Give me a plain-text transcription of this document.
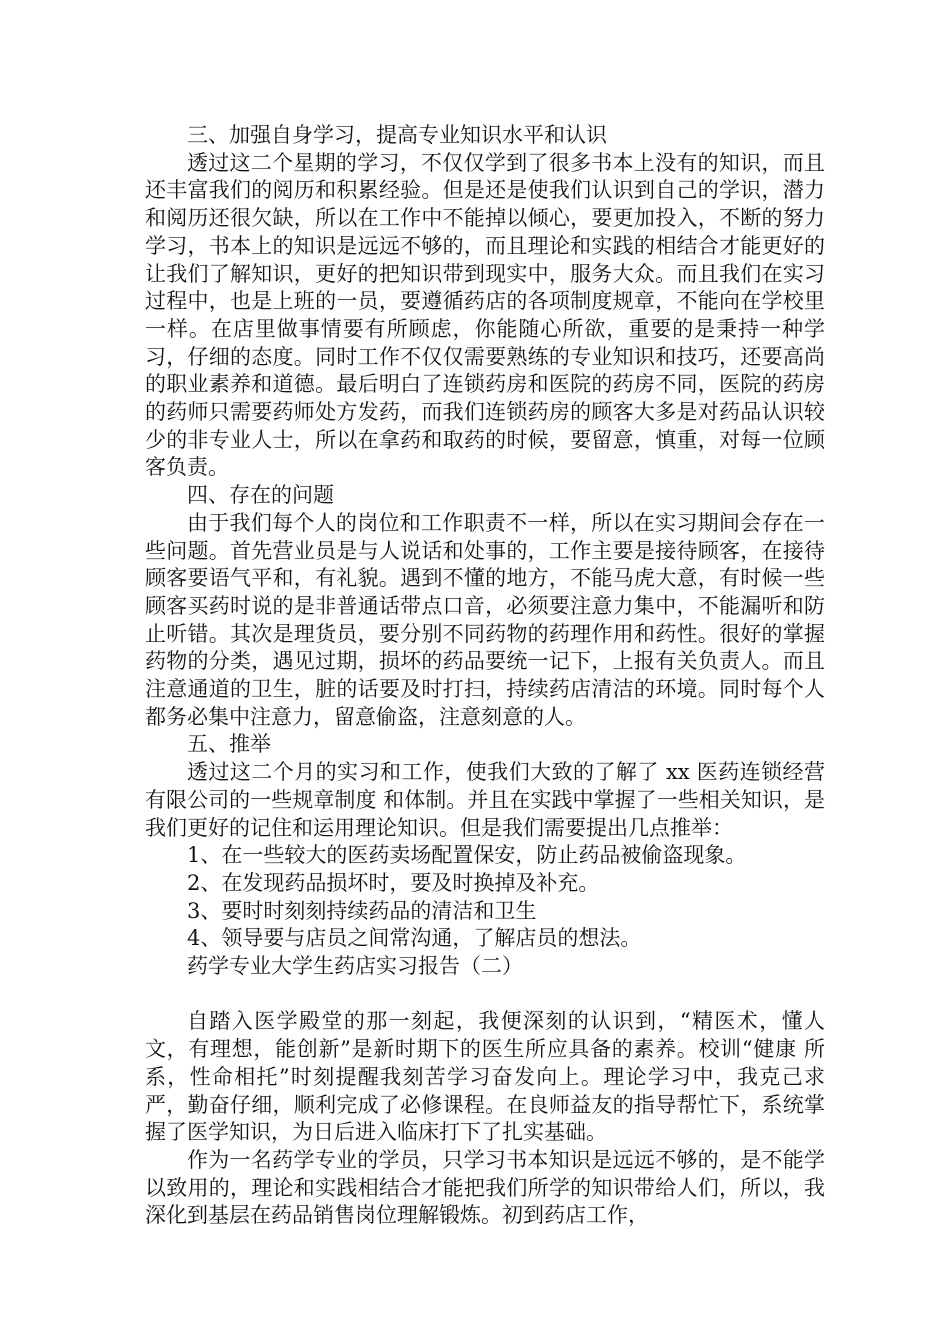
三、加强自身学习，提高专业知识水平和认识

透过这二个星期的学习，不仅仅学到了很多书本上没有的知识，而且还丰富我们的阅历和积累经验。但是还是使我们认识到自己的学识，潜力和阅历还很欠缺，所以在工作中不能掉以倾心，要更加投入，不断的努力学习，书本上的知识是远远不够的，而且理论和实践的相结合才能更好的让我们了解知识，更好的把知识带到现实中，服务大众。而且我们在实习过程中，也是上班的一员，要遵循药店的各项制度规章，不能向在学校里一样。在店里做事情要有所顾虑，你能随心所欲，重要的是秉持一种学习，仔细的态度。同时工作不仅仅需要熟练的专业知识和技巧，还要高尚的职业素养和道德。最后明白了连锁药房和医院的药房不同，医院的药房的药师只需要药师处方发药，而我们连锁药房的顾客大多是对药品认识较少的非专业人士，所以在拿药和取药的时候，要留意，慎重，对每一位顾客负责。

四、存在的问题

由于我们每个人的岗位和工作职责不一样，所以在实习期间会存在一些问题。首先营业员是与人说话和处事的，工作主要是接待顾客，在接待顾客要语气平和，有礼貌。遇到不懂的地方，不能马虎大意，有时候一些顾客买药时说的是非普通话带点口音，必须要注意力集中，不能漏听和防止听错。其次是理货员，要分别不同药物的药理作用和药性。很好的掌握药物的分类，遇见过期，损坏的药品要统一记下，上报有关负责人。而且注意通道的卫生，脏的话要及时打扫，持续药店清洁的环境。同时每个人都务必集中注意力，留意偷盗，注意刻意的人。

五、推举

透过这二个月的实习和工作，使我们大致的了解了 xx 医药连锁经营有限公司的一些规章制度 和体制。并且在实践中掌握了一些相关知识，是我们更好的记住和运用理论知识。但是我们需要提出几点推举：

1、在一些较大的医药卖场配置保安，防止药品被偷盗现象。

2、在发现药品损坏时，要及时换掉及补充。

3、要时时刻刻持续药品的清洁和卫生

4、领导要与店员之间常沟通，了解店员的想法。

药学专业大学生药店实习报告（二）

自踏入医学殿堂的那一刻起，我便深刻的认识到，“精医术，懂人文，有理想，能创新”是新时期下的医生所应具备的素养。校训“健康 所系，性命相托”时刻提醒我刻苦学习奋发向上。理论学习中，我克己求严，勤奋仔细，顺利完成了必修课程。在良师益友的指导帮忙下，系统掌握了医学知识，为日后进入临床打下了扎实基础。

作为一名药学专业的学员，只学习书本知识是远远不够的，是不能学以致用的，理论和实践相结合才能把我们所学的知识带给人们，所以，我深化到基层在药品销售岗位理解锻炼。初到药店工作，
